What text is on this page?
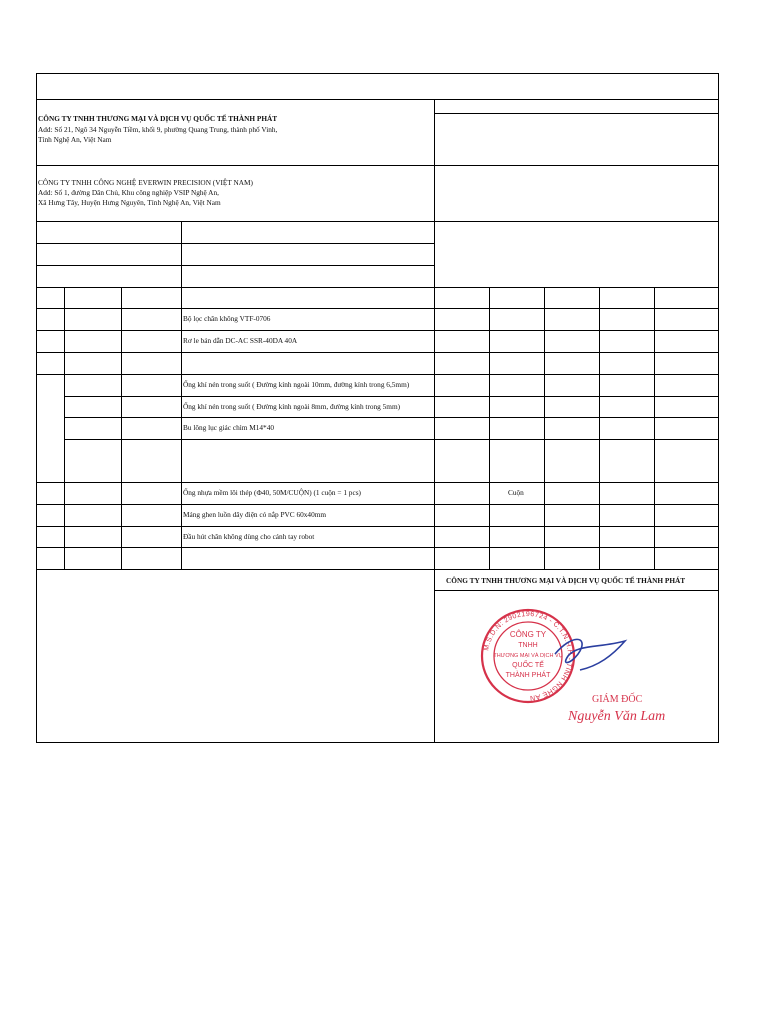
CÔNG TY TNHH THƯƠNG MẠI VÀ DỊCH VỤ QUỐC TẾ THÀNH PHÁT
Add: Số 21, Ngõ 34 Nguyễn Tiềm, khối 9, phường Quang Trung, thành phố Vinh,
Tỉnh Nghệ An, Việt Nam
CÔNG TY TNHH CÔNG NGHỆ EVERWIN PRECISION (VIỆT NAM)
Add: Số 1, đường Dân Chủ, Khu công nghiệp VSIP Nghệ An,
Xã Hưng Tây, Huyện Hưng Nguyên, Tỉnh Nghệ An, Việt Nam
Bộ lọc chân không VTF-0706
Rơ le bán dẫn DC-AC SSR-40DA 40A
Ống khí nén trong suốt ( Đường kính ngoài 10mm, đường kính trong 6,5mm)
Ống khí nén trong suốt ( Đường kính ngoài 8mm, đường kính trong 5mm)
Bu lông lục giác chìm M14*40
Ống nhựa mềm lõi thép (Φ40, 50M/CUỘN) (1 cuộn = 1 pcs)	Cuộn
Máng ghen luồn dây điện có nắp PVC 60x40mm
Đầu hút chân không dùng cho cánh tay robot
CÔNG TY TNHH THƯƠNG MẠI VÀ DỊCH VỤ QUỐC TẾ THÀNH PHÁT
M.S.D.N: 2902196724 - C.T.N.H.H - TỈNH NGHỆ AN
CÔNG TY
TNHH
THƯƠNG MẠI VÀ DỊCH VỤ
QUỐC TẾ
THÀNH PHÁT
GIÁM ĐỐC
Nguyễn Văn Lam
